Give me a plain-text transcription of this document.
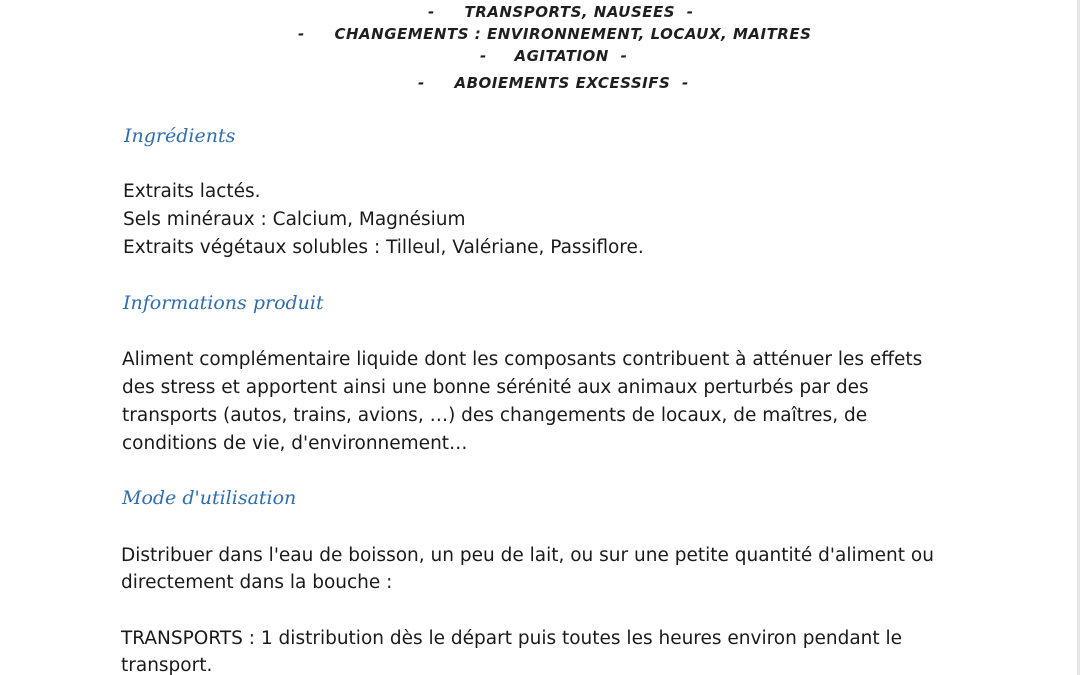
- TRANSPORTS, NAUSEES -
- CHANGEMENTS : ENVIRONNEMENT, LOCAUX, MAITRES
- AGITATION -
- ABOIEMENTS EXCESSIFS -
Ingrédients
Extraits lactés.
Sels minéraux : Calcium, Magnésium
Extraits végétaux solubles : Tilleul, Valériane, Passiflore.
Informations produit
Aliment complémentaire liquide dont les composants contribuent à atténuer les effets
des stress et apportent ainsi une bonne sérénité aux animaux perturbés par des
transports (autos, trains, avions, …) des changements de locaux, de maîtres, de
conditions de vie, d'environnement…
Mode d'utilisation
Distribuer dans l'eau de boisson, un peu de lait, ou sur une petite quantité d'aliment ou
directement dans la bouche :
TRANSPORTS : 1 distribution dès le départ puis toutes les heures environ pendant le
transport.
